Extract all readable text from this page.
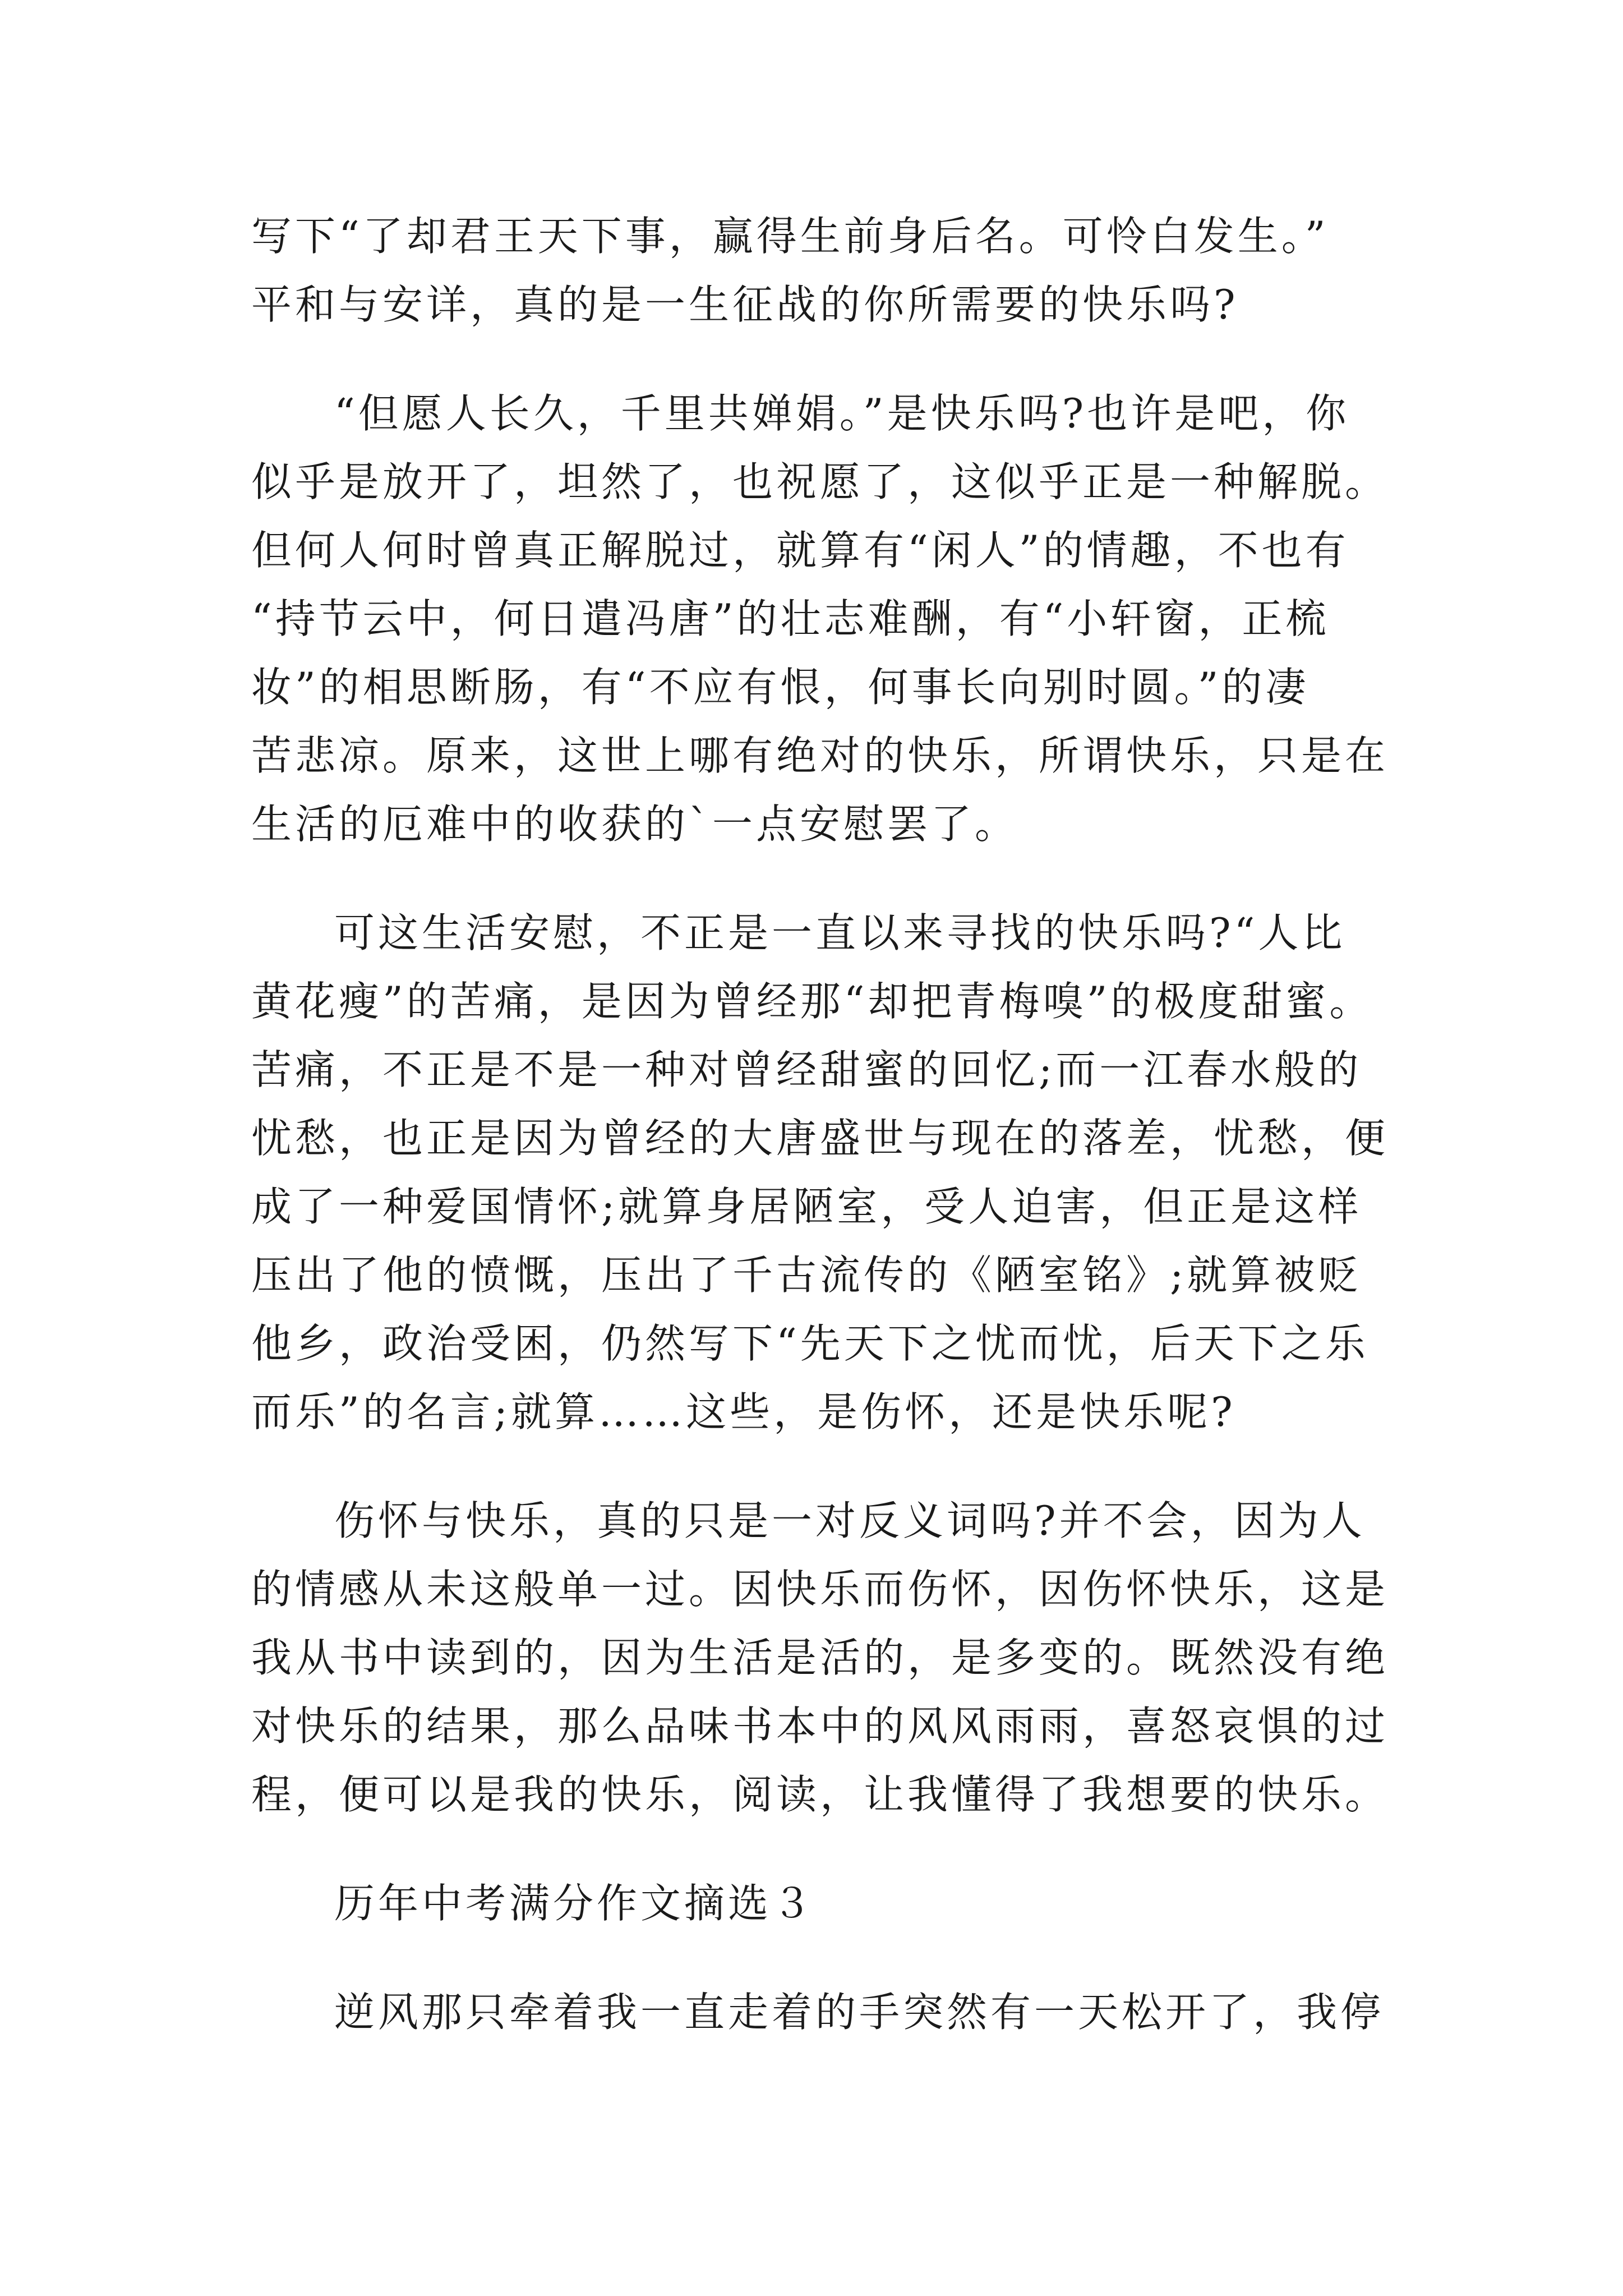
写下“了却君王天下事，赢得生前身后名。可怜白发生。”
平和与安详，真的是一生征战的你所需要的快乐吗?
“但愿人长久，千里共婵娟。”是快乐吗?也许是吧，你
似乎是放开了，坦然了，也祝愿了，这似乎正是一种解脱。
但何人何时曾真正解脱过，就算有“闲人”的情趣，不也有
“持节云中，何日遣冯唐”的壮志难酬，有“小轩窗，正梳
妆”的相思断肠，有“不应有恨，何事长向别时圆。”的凄
苦悲凉。原来，这世上哪有绝对的快乐，所谓快乐，只是在
生活的厄难中的收获的`一点安慰罢了。
可这生活安慰，不正是一直以来寻找的快乐吗?“人比
黄花瘦”的苦痛，是因为曾经那“却把青梅嗅”的极度甜蜜。
苦痛，不正是不是一种对曾经甜蜜的回忆;而一江春水般的
忧愁，也正是因为曾经的大唐盛世与现在的落差，忧愁，便
成了一种爱国情怀;就算身居陋室，受人迫害，但正是这样
压出了他的愤慨，压出了千古流传的《陋室铭》;就算被贬
他乡，政治受困，仍然写下“先天下之忧而忧，后天下之乐
而乐”的名言;就算……这些，是伤怀，还是快乐呢?
伤怀与快乐，真的只是一对反义词吗?并不会，因为人
的情感从未这般单一过。因快乐而伤怀，因伤怀快乐，这是
我从书中读到的，因为生活是活的，是多变的。既然没有绝
对快乐的结果，那么品味书本中的风风雨雨，喜怒哀惧的过
程，便可以是我的快乐，阅读，让我懂得了我想要的快乐。
历年中考满分作文摘选３
逆风那只牵着我一直走着的手突然有一天松开了，我停
